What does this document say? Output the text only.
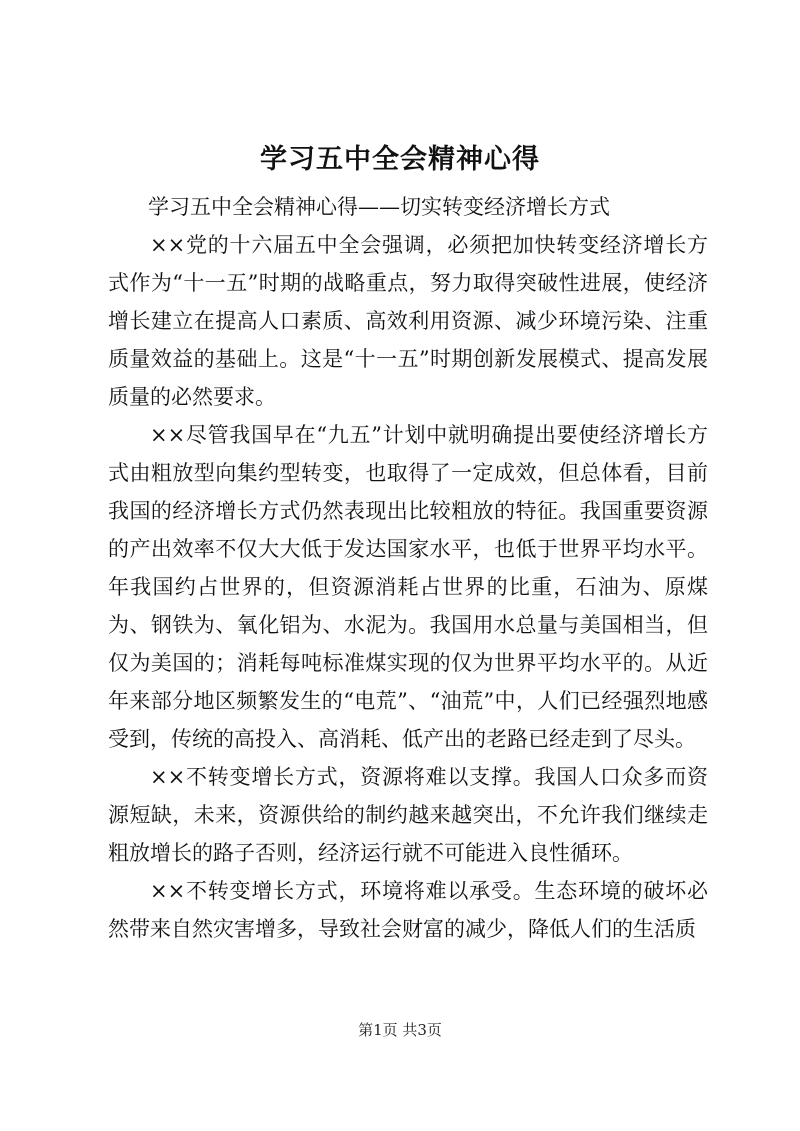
学习五中全会精神心得

学习五中全会精神心得——切实转变经济增长方式

××党的十六届五中全会强调，必须把加快转变经济增长方式作为“十一五”时期的战略重点，努力取得突破性进展，使经济增长建立在提高人口素质、高效利用资源、减少环境污染、注重质量效益的基础上。这是“十一五”时期创新发展模式、提高发展质量的必然要求。

××尽管我国早在“九五”计划中就明确提出要使经济增长方式由粗放型向集约型转变，也取得了一定成效，但总体看，目前我国的经济增长方式仍然表现出比较粗放的特征。我国重要资源的产出效率不仅大大低于发达国家水平，也低于世界平均水平。年我国约占世界的，但资源消耗占世界的比重，石油为、原煤为、钢铁为、氧化铝为、水泥为。我国用水总量与美国相当，但仅为美国的；消耗每吨标准煤实现的仅为世界平均水平的。从近年来部分地区频繁发生的“电荒”、“油荒”中，人们已经强烈地感受到，传统的高投入、高消耗、低产出的老路已经走到了尽头。

××不转变增长方式，资源将难以支撑。我国人口众多而资源短缺，未来，资源供给的制约越来越突出，不允许我们继续走粗放增长的路子否则，经济运行就不可能进入良性循环。

××不转变增长方式，环境将难以承受。生态环境的破坏必然带来自然灾害增多，导致社会财富的减少，降低人们的生活质

第1页 共3页
